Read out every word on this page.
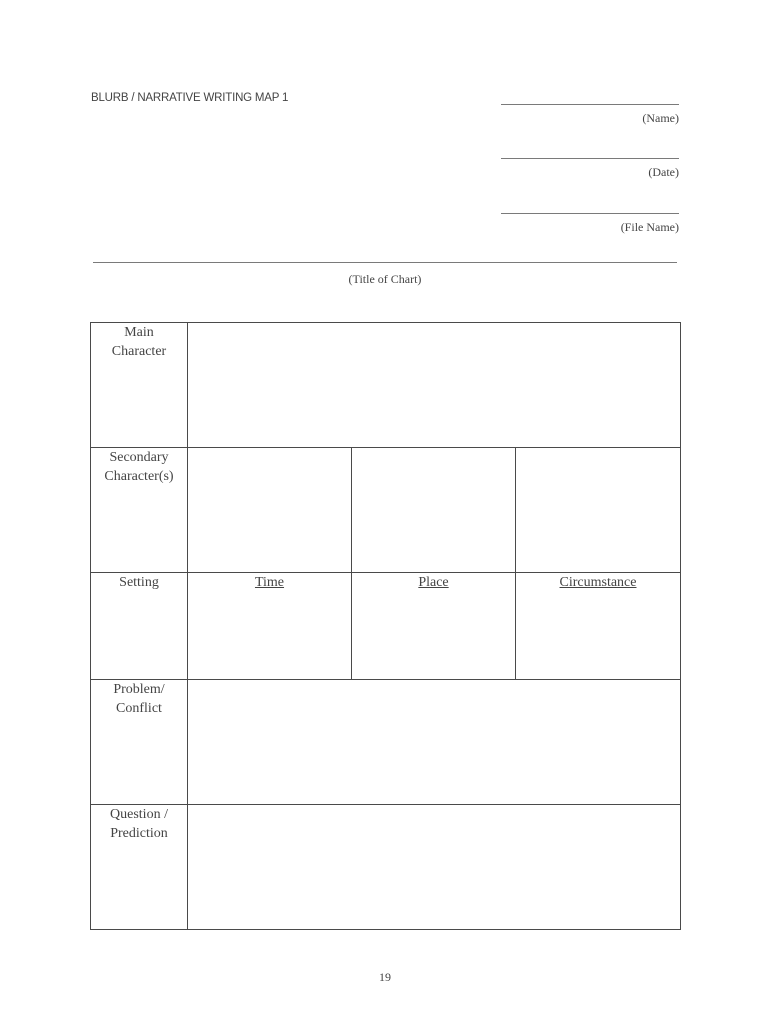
BLURB / NARRATIVE WRITING MAP 1
(Name)
(Date)
(File Name)
(Title of Chart)
Main
Character			
Secondary
Character(s)			
Setting	Time	Place	Circumstance
Problem/
Conflict			
Question /
Prediction			
19
